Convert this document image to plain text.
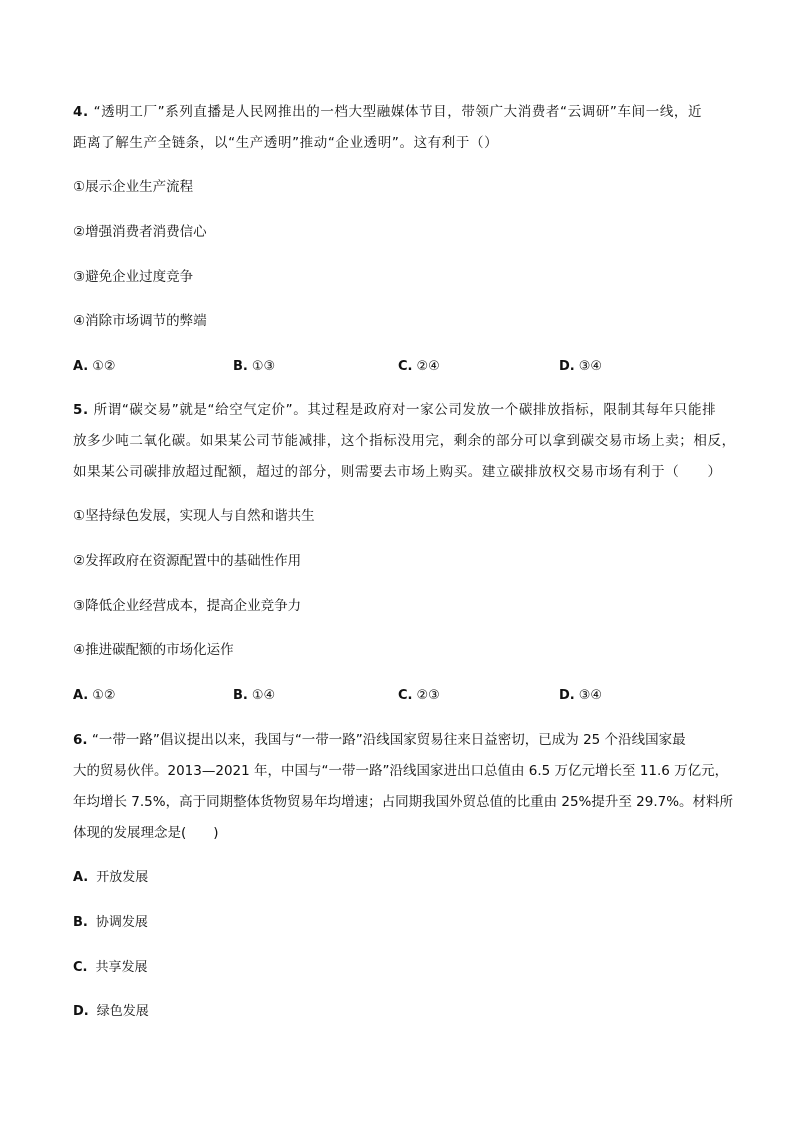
4. “透明工厂”系列直播是人民网推出的一档大型融媒体节目，带领广大消费者“云调研”车间一线，近
距离了解生产全链条，以“生产透明”推动“企业透明”。这有利于（）
①展示企业生产流程
②增强消费者消费信心
③避免企业过度竞争
④消除市场调节的弊端
A. ①②	B. ①③	C. ②④	D. ③④
5. 所谓“碳交易”就是“给空气定价”。其过程是政府对一家公司发放一个碳排放指标，限制其每年只能排
放多少吨二氧化碳。如果某公司节能减排，这个指标没用完，剩余的部分可以拿到碳交易市场上卖；相反，
如果某公司碳排放超过配额，超过的部分，则需要去市场上购买。建立碳排放权交易市场有利于（　　）
①坚持绿色发展，实现人与自然和谐共生
②发挥政府在资源配置中的基础性作用
③降低企业经营成本，提高企业竞争力
④推进碳配额的市场化运作
A. ①②	B. ①④	C. ②③	D. ③④
6. “一带一路”倡议提出以来，我国与“一带一路”沿线国家贸易往来日益密切，已成为 25 个沿线国家最
大的贸易伙伴。2013—2021 年，中国与“一带一路”沿线国家进出口总值由 6.5 万亿元增长至 11.6 万亿元，
年均增长 7.5%，高于同期整体货物贸易年均增速；占同期我国外贸总值的比重由 25%提升至 29.7%。材料所
体现的发展理念是(　　)
A. 开放发展
B. 协调发展
C. 共享发展
D. 绿色发展
